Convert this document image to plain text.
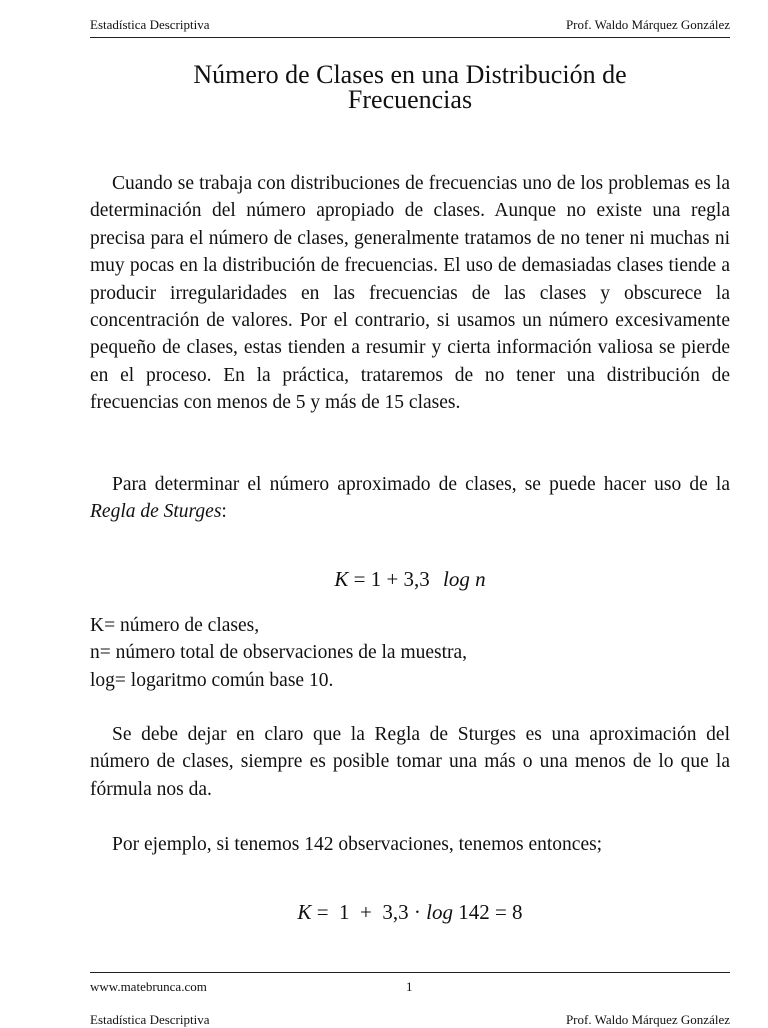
Estadística Descriptiva	Prof. Waldo Márquez González
Número de Clases en una Distribución de
Frecuencias
Cuando se trabaja con distribuciones de frecuencias uno de los problemas es la determinación del número apropiado de clases. Aunque no existe una regla precisa para el número de clases, generalmente tratamos de no tener ni muchas ni muy pocas en la distribución de frecuencias. El uso de demasiadas clases tiende a producir irregularidades en las frecuencias de las clases y obscurece la concentración de valores. Por el contrario, si usamos un número excesivamente pequeño de clases, estas tienden a resumir y cierta información valiosa se pierde en el proceso. En la práctica, trataremos de no tener una distribución de frecuencias con menos de 5 y más de 15 clases.
Para determinar el número aproximado de clases, se puede hacer uso de la Regla de Sturges:
K = 1 + 3,3 log n
K= número de clases,
n= número total de observaciones de la muestra,
log= logaritmo común base 10.
Se debe dejar en claro que la Regla de Sturges es una aproximación del número de clases, siempre es posible tomar una más o una menos de lo que la fórmula nos da.
Por ejemplo, si tenemos 142 observaciones, tenemos entonces;
K =  1  +  3,3 · log 142 = 8
www.matebrunca.com	1
Estadística Descriptiva	Prof. Waldo Márquez González
